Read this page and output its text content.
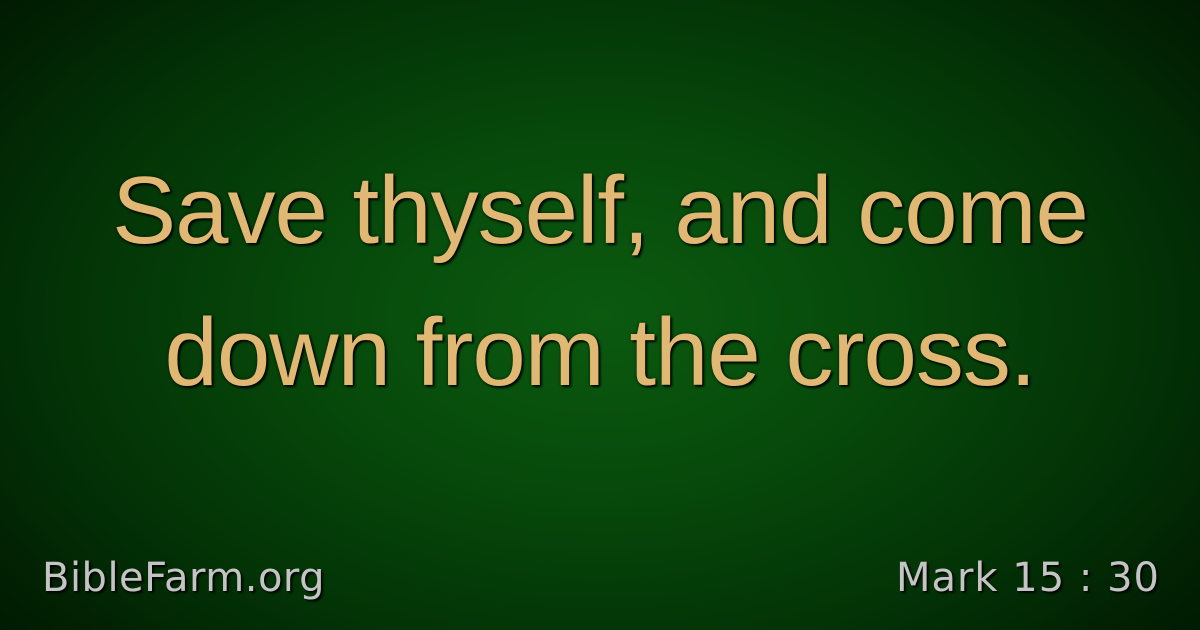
Save thyself, and come
down from the cross.
BibleFarm.org	Mark 15 : 30
